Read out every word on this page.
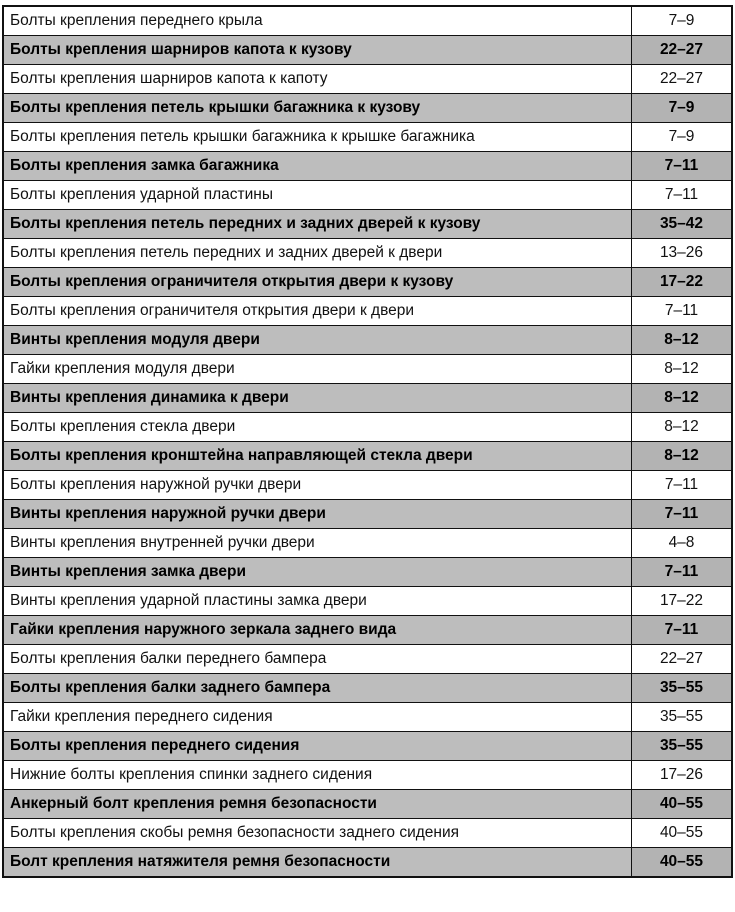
Болты крепления переднего крыла	7–9
Болты крепления шарниров капота к кузову	22–27
Болты крепления шарниров капота к капоту	22–27
Болты крепления петель крышки багажника к кузову	7–9
Болты крепления петель крышки багажника к крышке багажника	7–9
Болты крепления замка багажника	7–11
Болты крепления ударной пластины	7–11
Болты крепления петель передних и задних дверей к кузову	35–42
Болты крепления петель передних и задних дверей к двери	13–26
Болты крепления ограничителя открытия двери к кузову	17–22
Болты крепления ограничителя открытия двери к двери	7–11
Винты крепления модуля двери	8–12
Гайки крепления модуля двери	8–12
Винты крепления динамика к двери	8–12
Болты крепления стекла двери	8–12
Болты крепления кронштейна направляющей стекла двери	8–12
Болты крепления наружной ручки двери	7–11
Винты крепления наружной ручки двери	7–11
Винты крепления внутренней ручки двери	4–8
Винты крепления замка двери	7–11
Винты крепления ударной пластины замка двери	17–22
Гайки крепления наружного зеркала заднего вида	7–11
Болты крепления балки переднего бампера	22–27
Болты крепления балки заднего бампера	35–55
Гайки крепления переднего сидения	35–55
Болты крепления переднего сидения	35–55
Нижние болты крепления спинки заднего сидения	17–26
Анкерный болт крепления ремня безопасности	40–55
Болты крепления скобы ремня безопасности заднего сидения	40–55
Болт крепления натяжителя ремня безопасности	40–55
